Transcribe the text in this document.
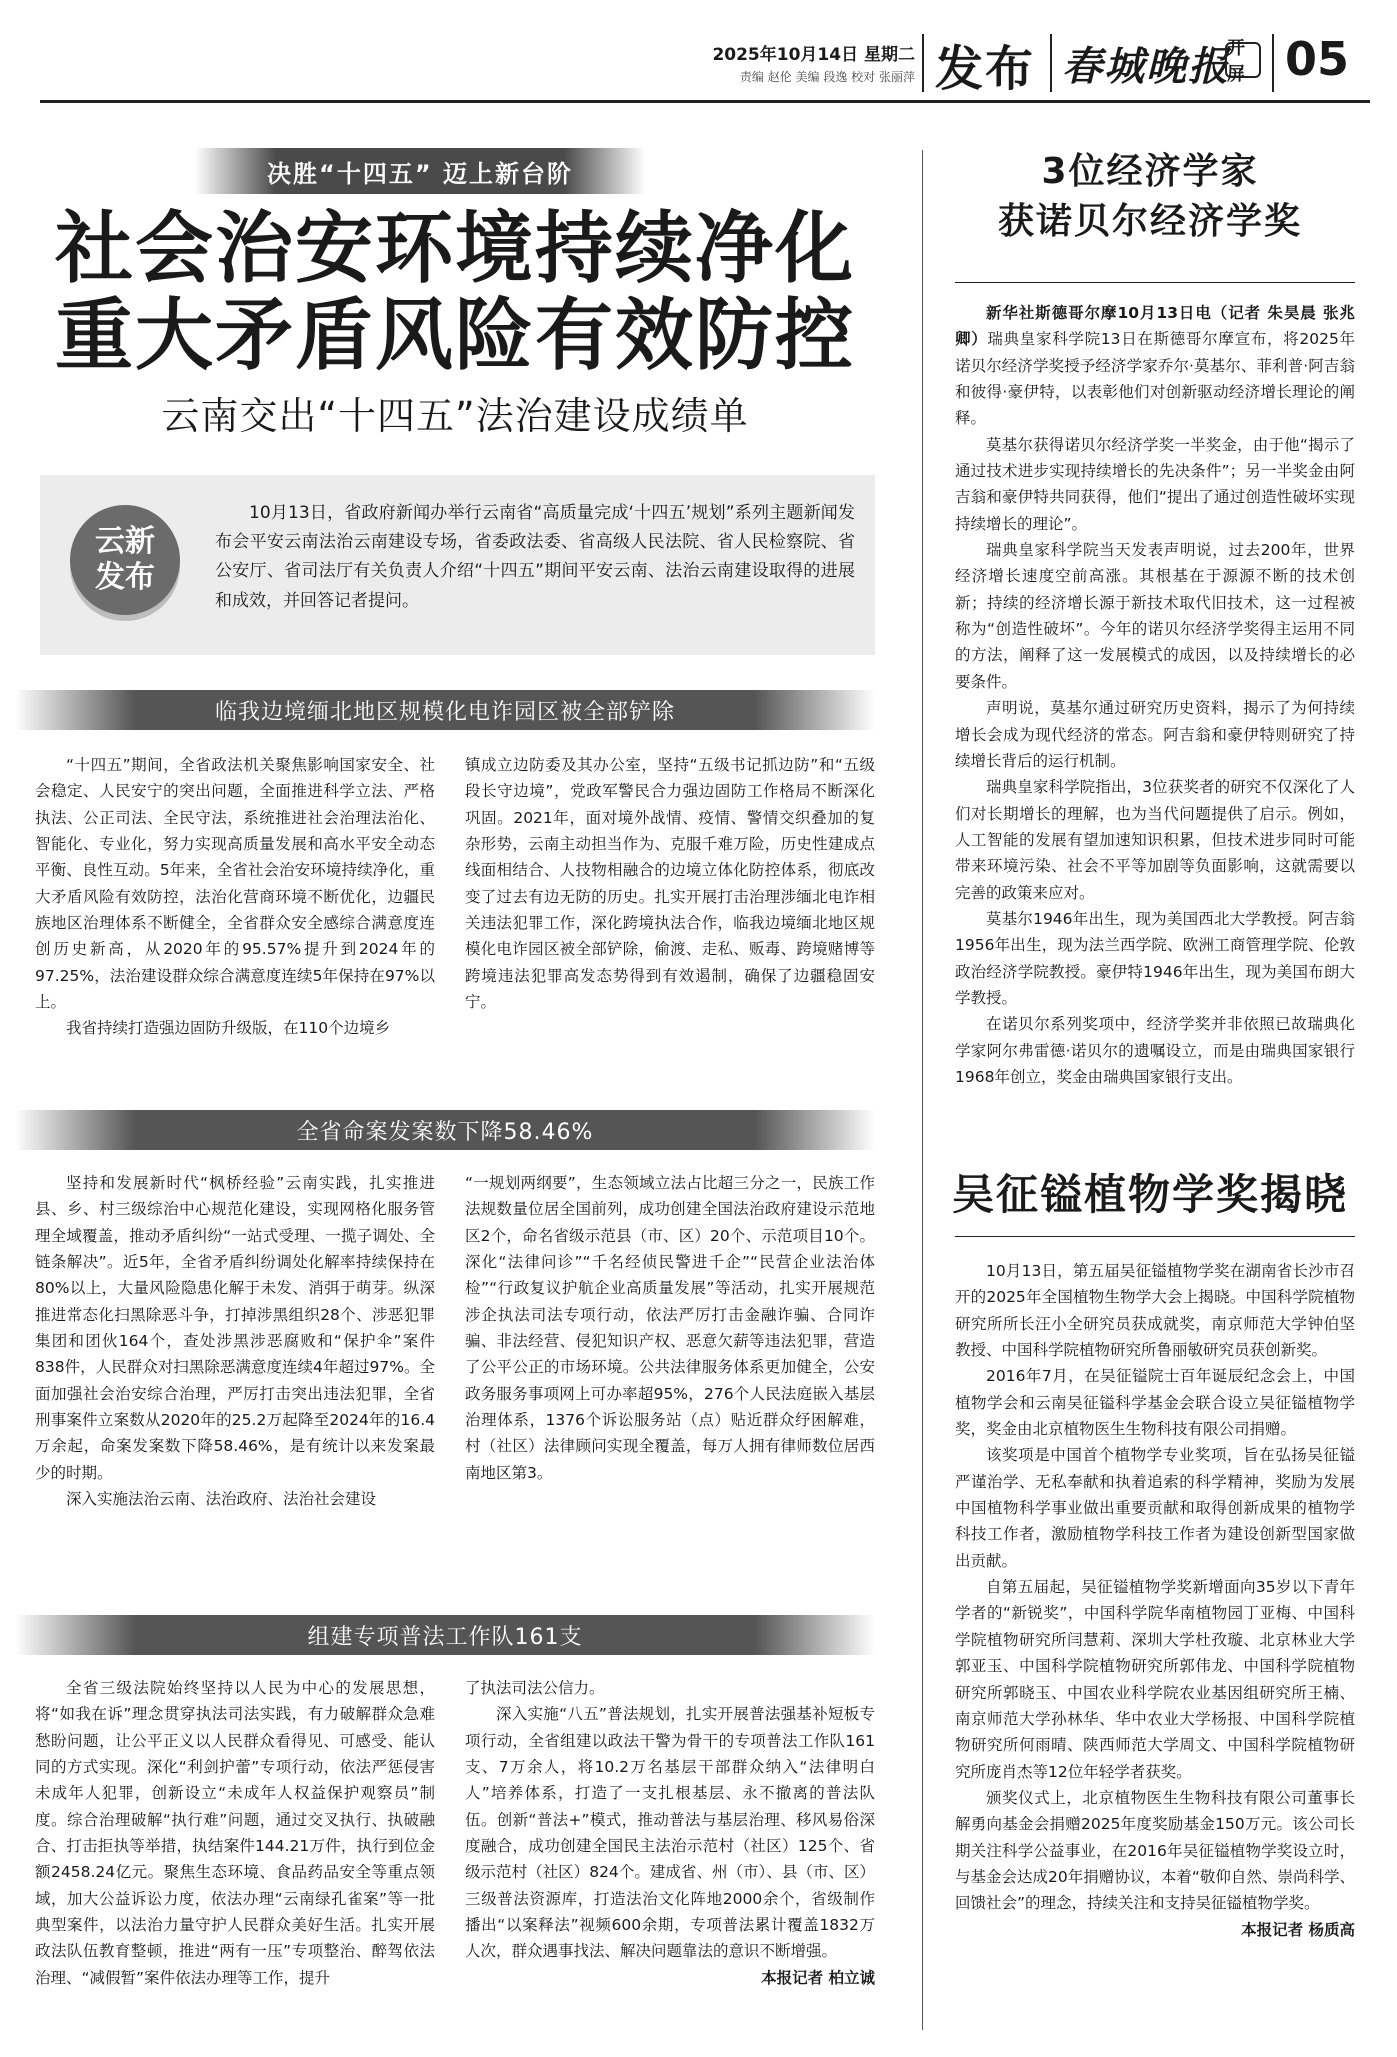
2025年10月14日 星期二
责编 赵伦 美编 段逸 校对 张丽萍 发布 春城晚报
开屏 05
决胜“十四五” 迈上新台阶
社会治安环境持续净化
重大矛盾风险有效防控
云南交出“十四五”法治建设成绩单
云新
发布
10月13日，省政府新闻办举行云南省“高质量完成‘十四五’规划”系列主题新闻发布会平安云南法治云南建设专场，省委政法委、省高级人民法院、省人民检察院、省公安厅、省司法厅有关负责人介绍“十四五”期间平安云南、法治云南建设取得的进展和成效，并回答记者提问。
临我边境缅北地区规模化电诈园区被全部铲除

“十四五”期间，全省政法机关聚焦影响国家安全、社会稳定、人民安宁的突出问题，全面推进科学立法、严格执法、公正司法、全民守法，系统推进社会治理法治化、智能化、专业化，努力实现高质量发展和高水平安全动态平衡、良性互动。5年来，全省社会治安环境持续净化，重大矛盾风险有效防控，法治化营商环境不断优化，边疆民族地区治理体系不断健全，全省群众安全感综合满意度连创历史新高，从2020年的95.57%提升到2024年的97.25%，法治建设群众综合满意度连续5年保持在97%以上。

我省持续打造强边固防升级版，在110个边境乡

镇成立边防委及其办公室，坚持“五级书记抓边防”和“五级段长守边境”，党政军警民合力强边固防工作格局不断深化巩固。2021年，面对境外战情、疫情、警情交织叠加的复杂形势，云南主动担当作为、克服千难万险，历史性建成点线面相结合、人技物相融合的边境立体化防控体系，彻底改变了过去有边无防的历史。扎实开展打击治理涉缅北电诈相关违法犯罪工作，深化跨境执法合作，临我边境缅北地区规模化电诈园区被全部铲除，偷渡、走私、贩毒、跨境赌博等跨境违法犯罪高发态势得到有效遏制，确保了边疆稳固安宁。

全省命案发案数下降58.46%

坚持和发展新时代“枫桥经验”云南实践，扎实推进县、乡、村三级综治中心规范化建设，实现网格化服务管理全域覆盖，推动矛盾纠纷“一站式受理、一揽子调处、全链条解决”。近5年，全省矛盾纠纷调处化解率持续保持在80%以上，大量风险隐患化解于未发、消弭于萌芽。纵深推进常态化扫黑除恶斗争，打掉涉黑组织28个、涉恶犯罪集团和团伙164个，查处涉黑涉恶腐败和“保护伞”案件838件，人民群众对扫黑除恶满意度连续4年超过97%。全面加强社会治安综合治理，严厉打击突出违法犯罪，全省刑事案件立案数从2020年的25.2万起降至2024年的16.4万余起，命案发案数下降58.46%，是有统计以来发案最少的时期。

深入实施法治云南、法治政府、法治社会建设

“一规划两纲要”，生态领域立法占比超三分之一，民族工作法规数量位居全国前列，成功创建全国法治政府建设示范地区2个，命名省级示范县（市、区）20个、示范项目10个。深化“法律问诊”“千名经侦民警进千企”“民营企业法治体检”“行政复议护航企业高质量发展”等活动，扎实开展规范涉企执法司法专项行动，依法严厉打击金融诈骗、合同诈骗、非法经营、侵犯知识产权、恶意欠薪等违法犯罪，营造了公平公正的市场环境。公共法律服务体系更加健全，公安政务服务事项网上可办率超95%，276个人民法庭嵌入基层治理体系，1376个诉讼服务站（点）贴近群众纾困解难，村（社区）法律顾问实现全覆盖，每万人拥有律师数位居西南地区第3。

组建专项普法工作队161支

全省三级法院始终坚持以人民为中心的发展思想，将“如我在诉”理念贯穿执法司法实践，有力破解群众急难愁盼问题，让公平正义以人民群众看得见、可感受、能认同的方式实现。深化“利剑护蕾”专项行动，依法严惩侵害未成年人犯罪，创新设立“未成年人权益保护观察员”制度。综合治理破解“执行难”问题，通过交叉执行、执破融合、打击拒执等举措，执结案件144.21万件，执行到位金额2458.24亿元。聚焦生态环境、食品药品安全等重点领域，加大公益诉讼力度，依法办理“云南绿孔雀案”等一批典型案件，以法治力量守护人民群众美好生活。扎实开展政法队伍教育整顿，推进“两有一压”专项整治、醉驾依法治理、“减假暂”案件依法办理等工作，提升

了执法司法公信力。

深入实施“八五”普法规划，扎实开展普法强基补短板专项行动，全省组建以政法干警为骨干的专项普法工作队161支、7万余人，将10.2万名基层干部群众纳入“法律明白人”培养体系，打造了一支扎根基层、永不撤离的普法队伍。创新“普法+”模式，推动普法与基层治理、移风易俗深度融合，成功创建全国民主法治示范村（社区）125个、省级示范村（社区）824个。建成省、州（市）、县（市、区）三级普法资源库，打造法治文化阵地2000余个，省级制作播出“以案释法”视频600余期，专项普法累计覆盖1832万人次，群众遇事找法、解决问题靠法的意识不断增强。

本报记者 柏立诚

3位经济学家
获诺贝尔经济学奖

新华社斯德哥尔摩10月13日电（记者 朱昊晨 张兆卿）瑞典皇家科学院13日在斯德哥尔摩宣布，将2025年诺贝尔经济学奖授予经济学家乔尔·莫基尔、菲利普·阿吉翁和彼得·豪伊特，以表彰他们对创新驱动经济增长理论的阐释。

莫基尔获得诺贝尔经济学奖一半奖金，由于他“揭示了通过技术进步实现持续增长的先决条件”；另一半奖金由阿吉翁和豪伊特共同获得，他们“提出了通过创造性破坏实现持续增长的理论”。

瑞典皇家科学院当天发表声明说，过去200年，世界经济增长速度空前高涨。其根基在于源源不断的技术创新；持续的经济增长源于新技术取代旧技术，这一过程被称为“创造性破坏”。今年的诺贝尔经济学奖得主运用不同的方法，阐释了这一发展模式的成因，以及持续增长的必要条件。

声明说，莫基尔通过研究历史资料，揭示了为何持续增长会成为现代经济的常态。阿吉翁和豪伊特则研究了持续增长背后的运行机制。

瑞典皇家科学院指出，3位获奖者的研究不仅深化了人们对长期增长的理解，也为当代问题提供了启示。例如，人工智能的发展有望加速知识积累，但技术进步同时可能带来环境污染、社会不平等加剧等负面影响，这就需要以完善的政策来应对。

莫基尔1946年出生，现为美国西北大学教授。阿吉翁1956年出生，现为法兰西学院、欧洲工商管理学院、伦敦政治经济学院教授。豪伊特1946年出生，现为美国布朗大学教授。

在诺贝尔系列奖项中，经济学奖并非依照已故瑞典化学家阿尔弗雷德·诺贝尔的遗嘱设立，而是由瑞典国家银行1968年创立，奖金由瑞典国家银行支出。

吴征镒植物学奖揭晓

10月13日，第五届吴征镒植物学奖在湖南省长沙市召开的2025年全国植物生物学大会上揭晓。中国科学院植物研究所所长汪小全研究员获成就奖，南京师范大学钟伯坚教授、中国科学院植物研究所鲁丽敏研究员获创新奖。

2016年7月，在吴征镒院士百年诞辰纪念会上，中国植物学会和云南吴征镒科学基金会联合设立吴征镒植物学奖，奖金由北京植物医生生物科技有限公司捐赠。

该奖项是中国首个植物学专业奖项，旨在弘扬吴征镒严谨治学、无私奉献和执着追索的科学精神，奖励为发展中国植物科学事业做出重要贡献和取得创新成果的植物学科技工作者，激励植物学科技工作者为建设创新型国家做出贡献。

自第五届起，吴征镒植物学奖新增面向35岁以下青年学者的“新锐奖”，中国科学院华南植物园丁亚梅、中国科学院植物研究所闫慧莉、深圳大学杜孜璇、北京林业大学郭亚玉、中国科学院植物研究所郭伟龙、中国科学院植物研究所郭晓玉、中国农业科学院农业基因组研究所王楠、南京师范大学孙林华、华中农业大学杨报、中国科学院植物研究所何雨晴、陕西师范大学周文、中国科学院植物研究所庞肖杰等12位年轻学者获奖。

颁奖仪式上，北京植物医生生物科技有限公司董事长解勇向基金会捐赠2025年度奖励基金150万元。该公司长期关注科学公益事业，在2016年吴征镒植物学奖设立时，与基金会达成20年捐赠协议，本着“敬仰自然、崇尚科学、回馈社会”的理念，持续关注和支持吴征镒植物学奖。

本报记者 杨质高
